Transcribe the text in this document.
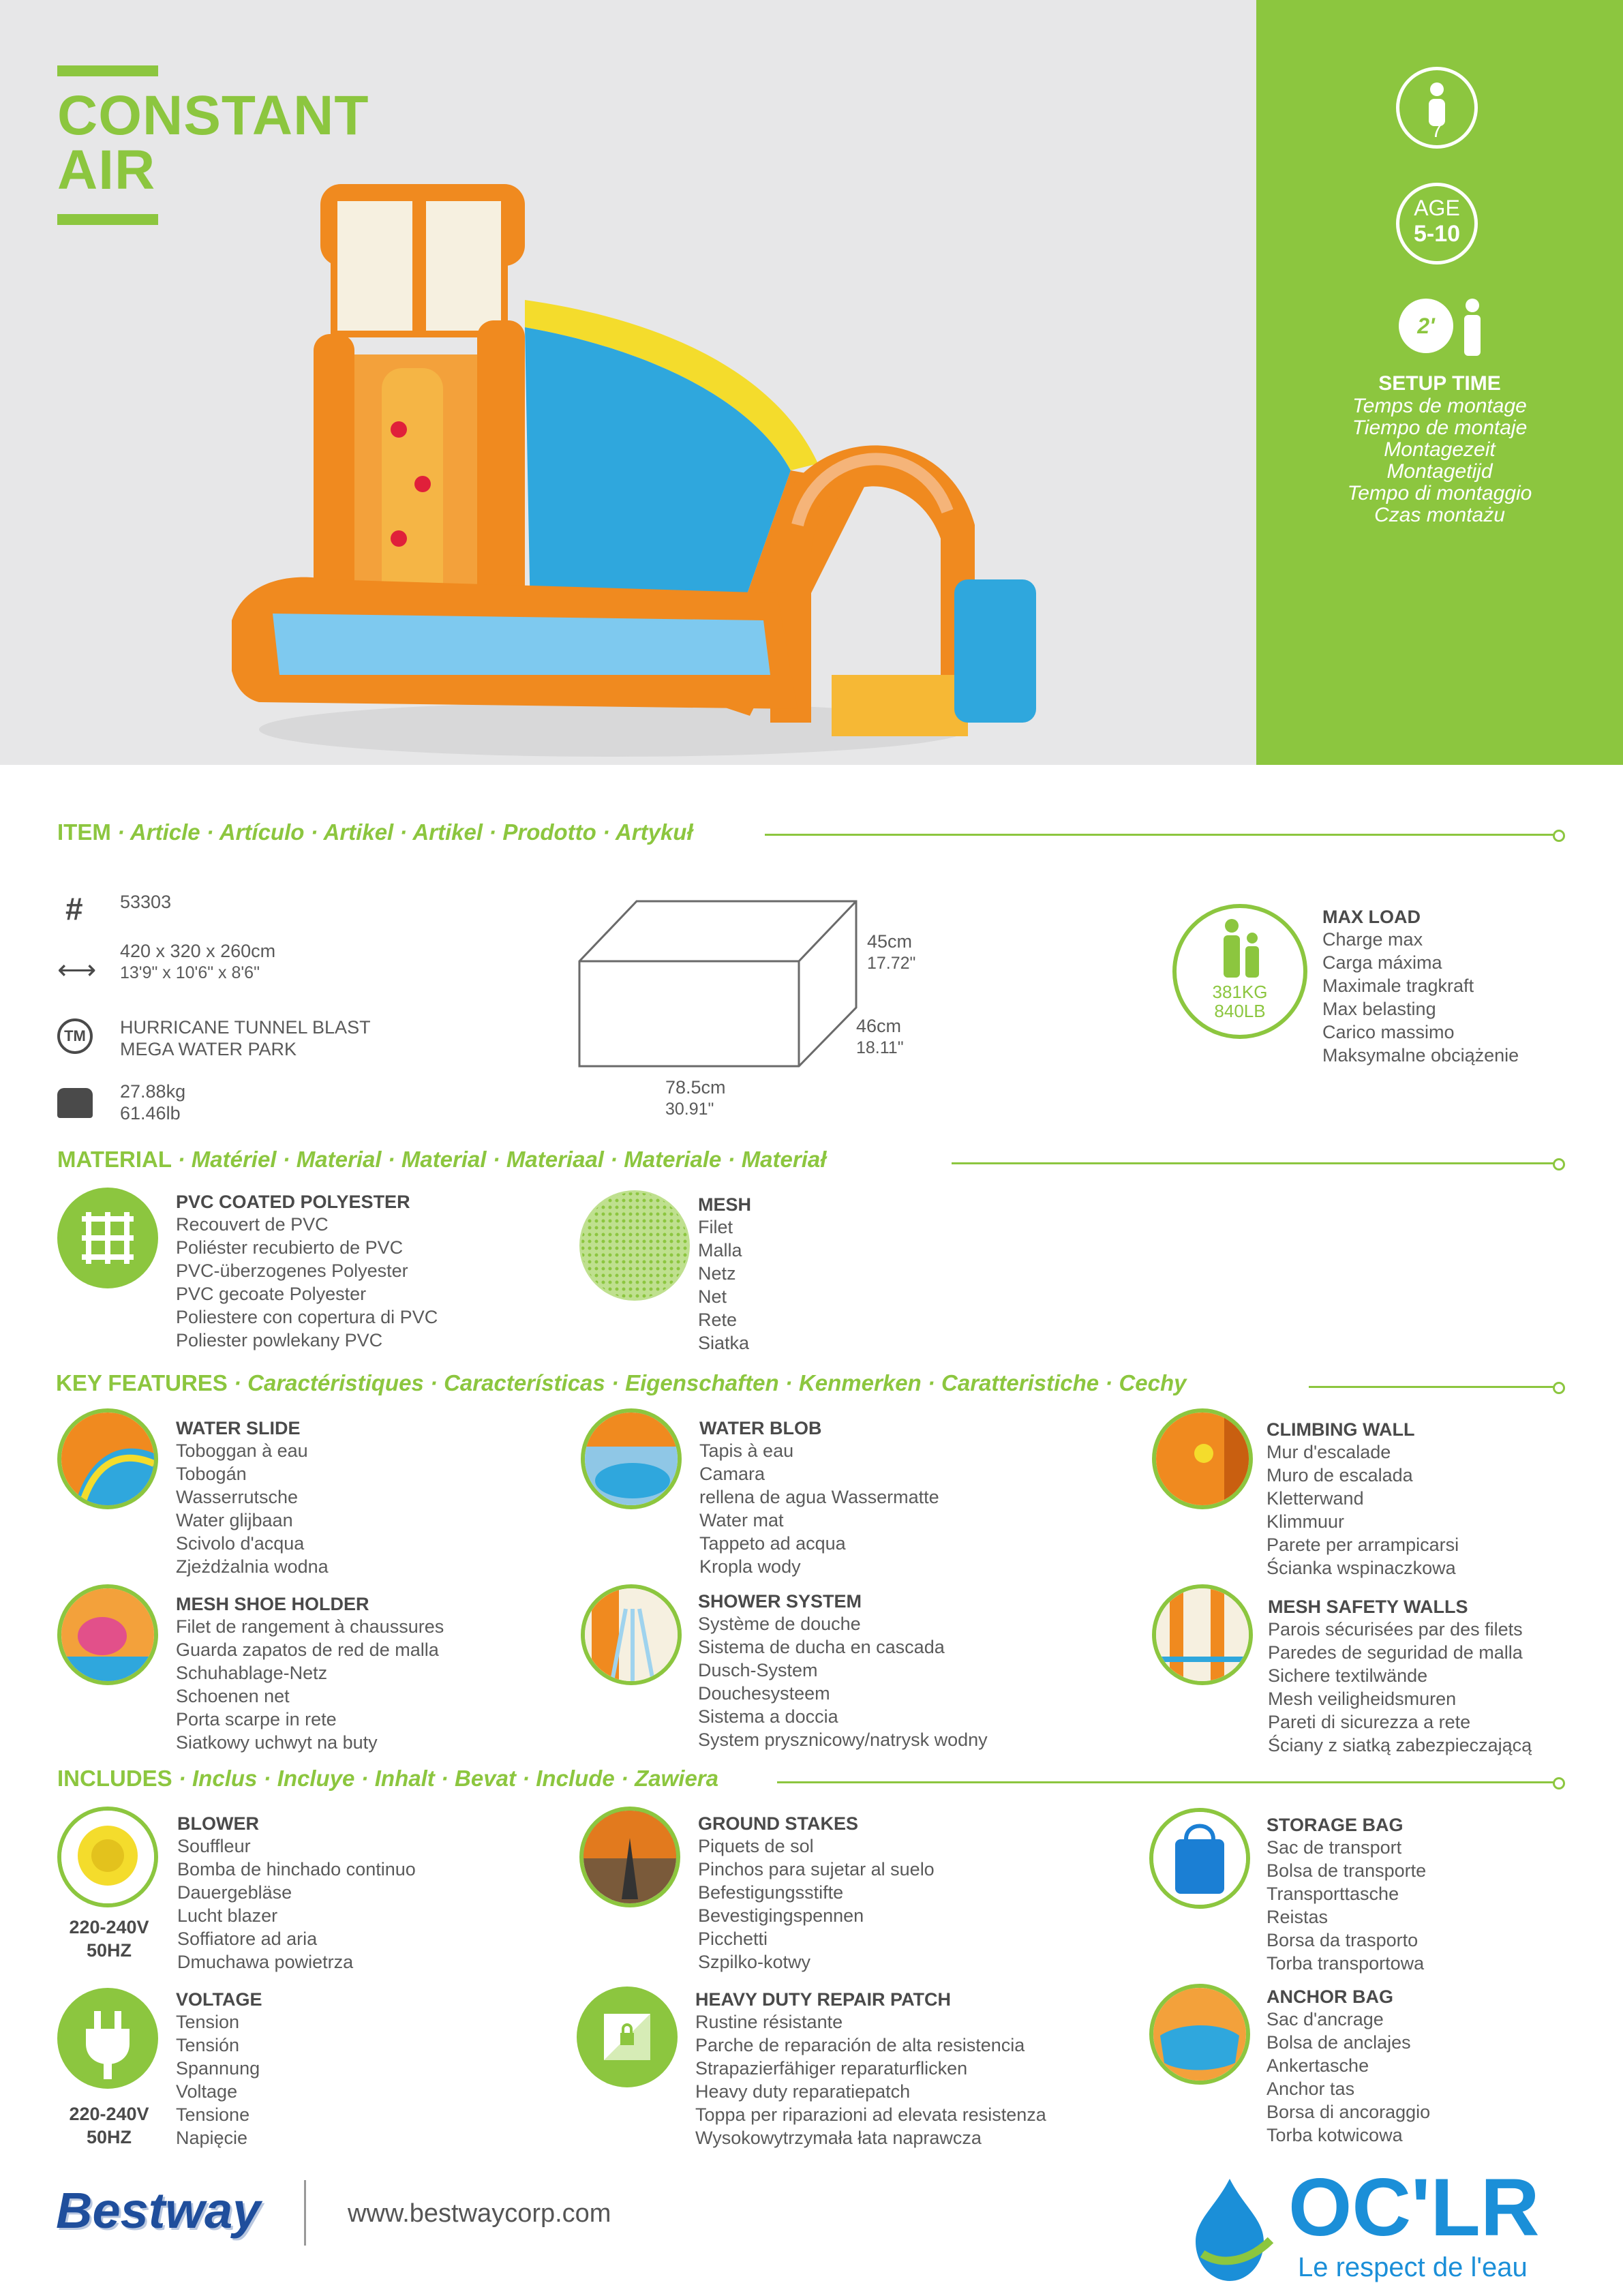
CONSTANT
AIR
7
AGE
5-10
2'
SETUP TIME
Temps de montage
Tiempo de montaje
Montagezeit
Montagetijd
Tempo di montaggio
Czas montażu
ITEM · Article · Artículo · Artikel · Artikel · Prodotto · Artykuł
# 53303
⟷
420 x 320 x 260cm
13'9" x 10'6" x 8'6"
TM	HURRICANE TUNNEL BLAST
MEGA WATER PARK
27.88kg
61.46lb
45cm
17.72"
46cm
18.11"
78.5cm
30.91"
381KG
840LB
MAX LOAD
Charge max
Carga máxima
Maximale tragkraft
Max belasting
Carico massimo
Maksymalne obciążenie
MATERIAL · Matériel · Material · Material · Materiaal · Materiale · Materiał
PVC COATED POLYESTER
Recouvert de PVC
Poliéster recubierto de PVC
PVC-überzogenes Polyester
PVC gecoate Polyester
Poliestere con copertura di PVC
Poliester powlekany PVC
MESH
Filet
Malla
Netz
Net
Rete
Siatka
KEY FEATURES · Caractéristiques · Características · Eigenschaften · Kenmerken · Caratteristiche · Cechy
WATER SLIDE
Toboggan à eau
Tobogán
Wasserrutsche
Water glijbaan
Scivolo d'acqua
Zjeżdżalnia wodna
WATER BLOB
Tapis à eau
Camara
rellena de agua Wassermatte
Water mat
Tappeto ad acqua
Kropla wody
CLIMBING WALL
Mur d'escalade
Muro de escalada
Kletterwand
Klimmuur
Parete per arrampicarsi
Ścianka wspinaczkowa
MESH SHOE HOLDER
Filet de rangement à chaussures
Guarda zapatos de red de malla
Schuhablage-Netz
Schoenen net
Porta scarpe in rete
Siatkowy uchwyt na buty
SHOWER SYSTEM
Système de douche
Sistema de ducha en cascada
Dusch-System
Douchesysteem
Sistema a doccia
System prysznicowy/natrysk wodny
MESH SAFETY WALLS
Parois sécurisées par des filets
Paredes de seguridad de malla
Sichere textilwände
Mesh veiligheidsmuren
Pareti di sicurezza a rete
Ściany z siatką zabezpieczającą
INCLUDES · Inclus · Incluye · Inhalt · Bevat · Include · Zawiera
220-240V
50HZ
BLOWER
Souffleur
Bomba de hinchado continuo
Dauergebläse
Lucht blazer
Soffiatore ad aria
Dmuchawa powietrza
GROUND STAKES
Piquets de sol
Pinchos para sujetar al suelo
Befestigungsstifte
Bevestigingspennen
Picchetti
Szpilko-kotwy
STORAGE BAG
Sac de transport
Bolsa de transporte
Transporttasche
Reistas
Borsa da trasporto
Torba transportowa
220-240V
50HZ
VOLTAGE
Tension
Tensión
Spannung
Voltage
Tensione
Napięcie
HEAVY DUTY REPAIR PATCH
Rustine résistante
Parche de reparación de alta resistencia
Strapazierfähiger reparaturflicken
Heavy duty reparatiepatch
Toppa per riparazioni ad elevata resistenza
Wysokowytrzymała łata naprawcza
ANCHOR BAG
Sac d'ancrage
Bolsa de anclajes
Ankertasche
Anchor tas
Borsa di ancoraggio
Torba kotwicowa
Bestway	www.bestwaycorp.com	OC'LR
Le respect de l'eau
